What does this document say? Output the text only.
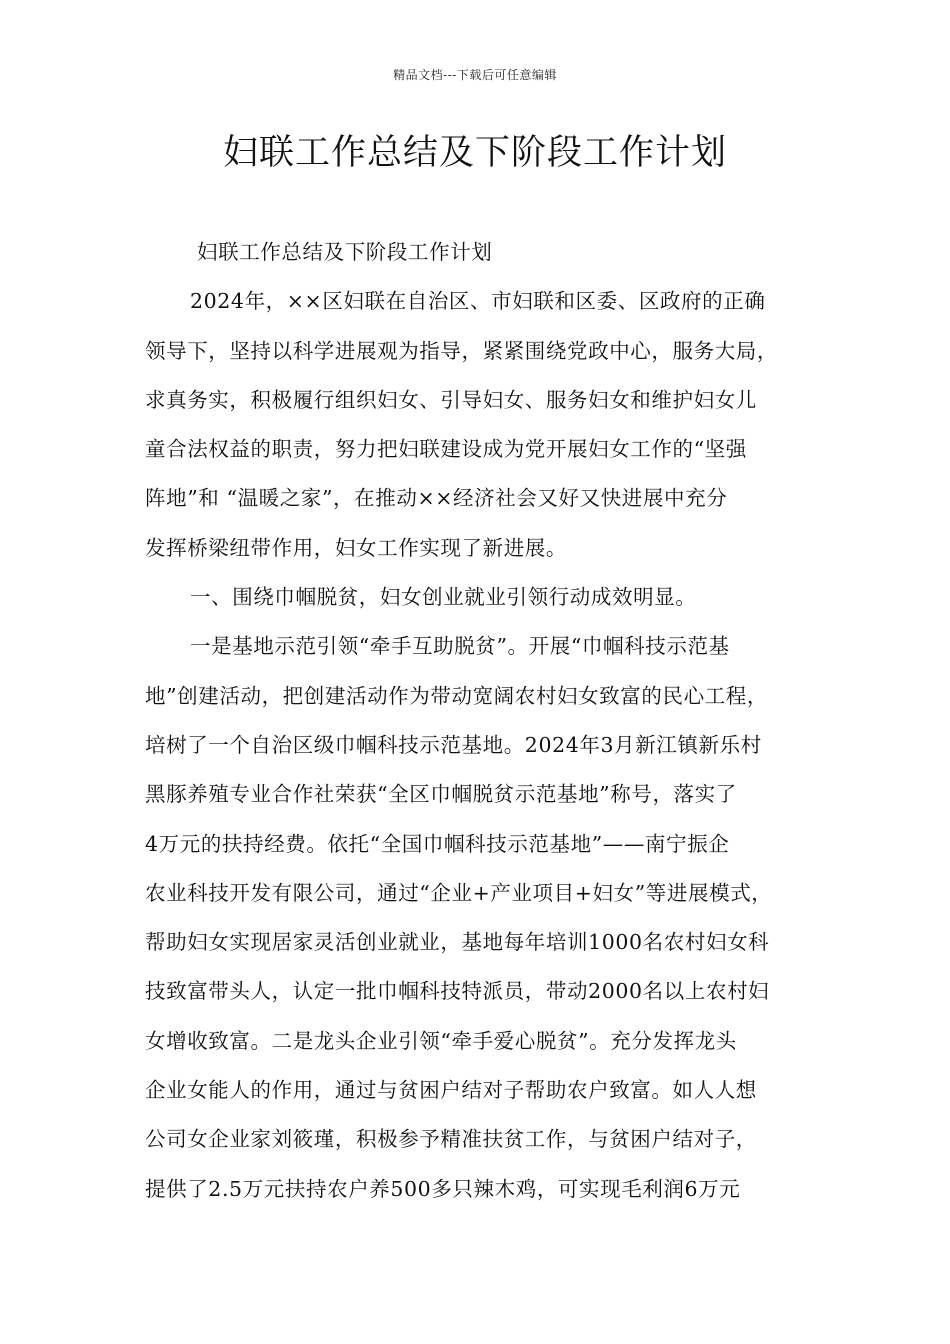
精品文档---下载后可任意编辑
妇联工作总结及下阶段工作计划
妇联工作总结及下阶段工作计划
2024年，××区妇联在自治区、市妇联和区委、区政府的正确
领导下，坚持以科学进展观为指导，紧紧围绕党政中心，服务大局，
求真务实，积极履行组织妇女、引导妇女、服务妇女和维护妇女儿
童合法权益的职责，努力把妇联建设成为党开展妇女工作的“坚强
阵地”和 “温暖之家”，在推动××经济社会又好又快进展中充分
发挥桥梁纽带作用，妇女工作实现了新进展。
一、围绕巾帼脱贫，妇女创业就业引领行动成效明显。
一是基地示范引领“牵手互助脱贫”。开展“巾帼科技示范基
地”创建活动，把创建活动作为带动宽阔农村妇女致富的民心工程，
培树了一个自治区级巾帼科技示范基地。2024年3月新江镇新乐村
黑豚养殖专业合作社荣获“全区巾帼脱贫示范基地”称号，落实了
4万元的扶持经费。依托“全国巾帼科技示范基地”——南宁振企
农业科技开发有限公司，通过“企业+产业项目+妇女”等进展模式，
帮助妇女实现居家灵活创业就业，基地每年培训1000名农村妇女科
技致富带头人，认定一批巾帼科技特派员，带动2000名以上农村妇
女增收致富。二是龙头企业引领“牵手爱心脱贫”。充分发挥龙头
企业女能人的作用，通过与贫困户结对子帮助农户致富。如人人想
公司女企业家刘筱瑾，积极参予精准扶贫工作，与贫困户结对子，
提供了2.5万元扶持农户养500多只辣木鸡，可实现毛利润6万元
